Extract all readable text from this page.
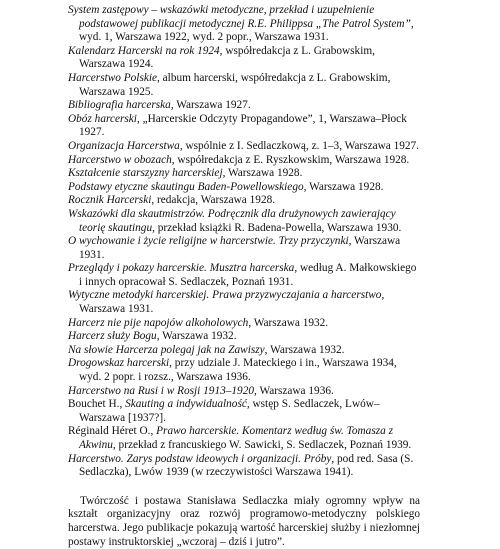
System zastępowy – wskazówki metodyczne, przekład i uzupełnienie podstawowej publikacji metodycznej R.E. Philippsa „The Patrol System”, wyd. 1, Warszawa 1922, wyd. 2 popr., Warszawa 1931.

Kalendarz Harcerski na rok 1924, współredakcja z L. Grabowskim, Warszawa 1924.

Harcerstwo Polskie, album harcerski, współredakcja z L. Grabowskim, Warszawa 1925.

Bibliografia harcerska, Warszawa 1927.

Obóz harcerski, „Harcerskie Odczyty Propagandowe”, 1, Warszawa–Płock 1927.

Organizacja Harcerstwa, wspólnie z I. Sedlaczkową, z. 1–3, Warszawa 1927.

Harcerstwo w obozach, współredakcja z E. Ryszkowskim, Warszawa 1928.

Kształcenie starszyzny harcerskiej, Warszawa 1928.

Podstawy etyczne skautingu Baden-Powellowskiego, Warszawa 1928.

Rocznik Harcerski, redakcja, Warszawa 1928.

Wskazówki dla skautmistrzów. Podręcznik dla drużynowych zawierający teorię skautingu, przekład książki R. Badena-Powella, Warszawa 1930.

O wychowanie i życie religijne w harcerstwie. Trzy przyczynki, Warszawa 1931.

Przeglądy i pokazy harcerskie. Musztra harcerska, według A. Małkowskiego i innych opracował S. Sedlaczek, Poznań 1931.

Wytyczne metodyki harcerskiej. Prawa przyzwyczajania a harcerstwo, Warszawa 1931.

Harcerz nie pije napojów alkoholowych, Warszawa 1932.

Harcerz służy Bogu, Warszawa 1932.

Na słowie Harcerza polegaj jak na Zawiszy, Warszawa 1932.

Drogowskaz harcerski, przy udziale J. Mateckiego i in., Warszawa 1934, wyd. 2 popr. i rozsz., Warszawa 1936.

Harcerstwo na Rusi i w Rosji 1913–1920, Warszawa 1936.

Bouchet H., Skauting a indywidualność, wstęp S. Sedlaczek, Lwów–Warszawa [1937?].

Réginald Héret O., Prawo harcerskie. Komentarz według św. Tomasza z Akwinu, przekład z francuskiego W. Sawicki, S. Sedlaczek, Poznań 1939.

Harcerstwo. Zarys podstaw ideowych i organizacji. Próby, pod red. Sasa (S. Sedlaczka), Lwów 1939 (w rzeczywistości Warszawa 1941).

Twórczość i postawa Stanisława Sedlaczka miały ogromny wpływ na kształt organizacyjny oraz rozwój programowo-metodyczny polskiego harcerstwa. Jego publikacje pokazują wartość harcerskiej służby i niezłomnej postawy instruktorskiej „wczoraj – dziś i jutro”.
